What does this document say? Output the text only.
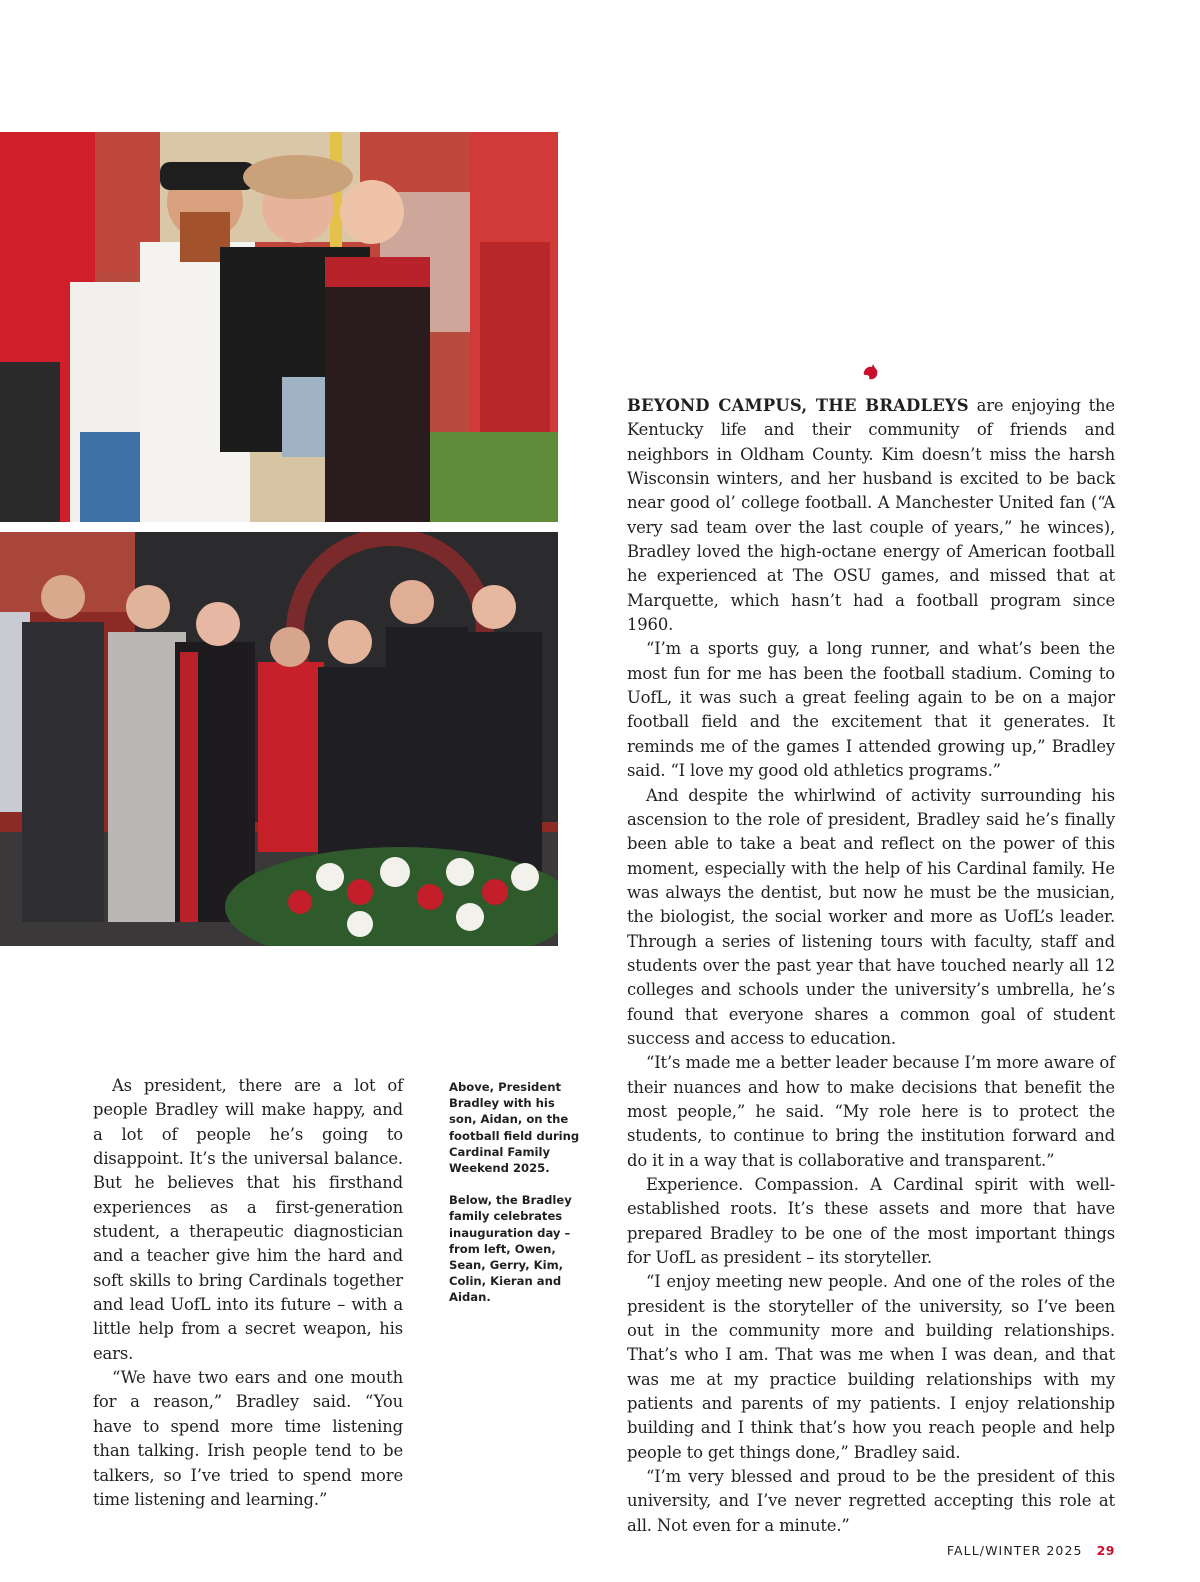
As president, there are a lot of people Bradley will make happy, and a lot of people he’s going to disappoint. It’s the universal balance. But he believes that his firsthand experiences as a first-generation student, a therapeutic diagnostician and a teacher give him the hard and soft skills to bring Cardinals together and lead UofL into its future – with a little help from a secret weapon, his ears.

“We have two ears and one mouth for a reason,” Bradley said. “You have to spend more time listening than talking. Irish people tend to be talkers, so I’ve tried to spend more time listening and learning.”

Above, President Bradley with his son, Aidan, on the football field during Cardinal Family Weekend 2025.

Below, the Bradley family celebrates inauguration day – from left, Owen, Sean, Gerry, Kim, Colin, Kieran and Aidan.

BEYOND CAMPUS, THE BRADLEYS are enjoying the Kentucky life and their community of friends and neighbors in Oldham County. Kim doesn’t miss the harsh Wisconsin winters, and her husband is excited to be back near good ol’ college football. A Manchester United fan (“A very sad team over the last couple of years,” he winces), Bradley loved the high-octane energy of American football he experienced at The OSU games, and missed that at Marquette, which hasn’t had a football program since 1960.

“I’m a sports guy, a long runner, and what’s been the most fun for me has been the football stadium. Coming to UofL, it was such a great feeling again to be on a major football field and the excitement that it generates. It reminds me of the games I attended growing up,” Bradley said. “I love my good old athletics programs.”

And despite the whirlwind of activity surrounding his ascension to the role of president, Bradley said he’s finally been able to take a beat and reflect on the power of this moment, especially with the help of his Cardinal family. He was always the dentist, but now he must be the musician, the biologist, the social worker and more as UofL’s leader. Through a series of listening tours with faculty, staff and students over the past year that have touched nearly all 12 colleges and schools under the university’s umbrella, he’s found that everyone shares a common goal of student success and access to education.

“It’s made me a better leader because I’m more aware of their nuances and how to make decisions that benefit the most people,” he said. “My role here is to protect the students, to continue to bring the institution forward and do it in a way that is collaborative and transparent.”

Experience. Compassion. A Cardinal spirit with well-established roots. It’s these assets and more that have prepared Bradley to be one of the most important things for UofL as president – its storyteller.

“I enjoy meeting new people. And one of the roles of the president is the storyteller of the university, so I’ve been out in the community more and building relationships. That’s who I am. That was me when I was dean, and that was me at my practice building relationships with my patients and parents of my patients. I enjoy relationship building and I think that’s how you reach people and help people to get things done,” Bradley said.

“I’m very blessed and proud to be the president of this university, and I’ve never regretted accepting this role at all. Not even for a minute.”

FALL/WINTER 2025 29
